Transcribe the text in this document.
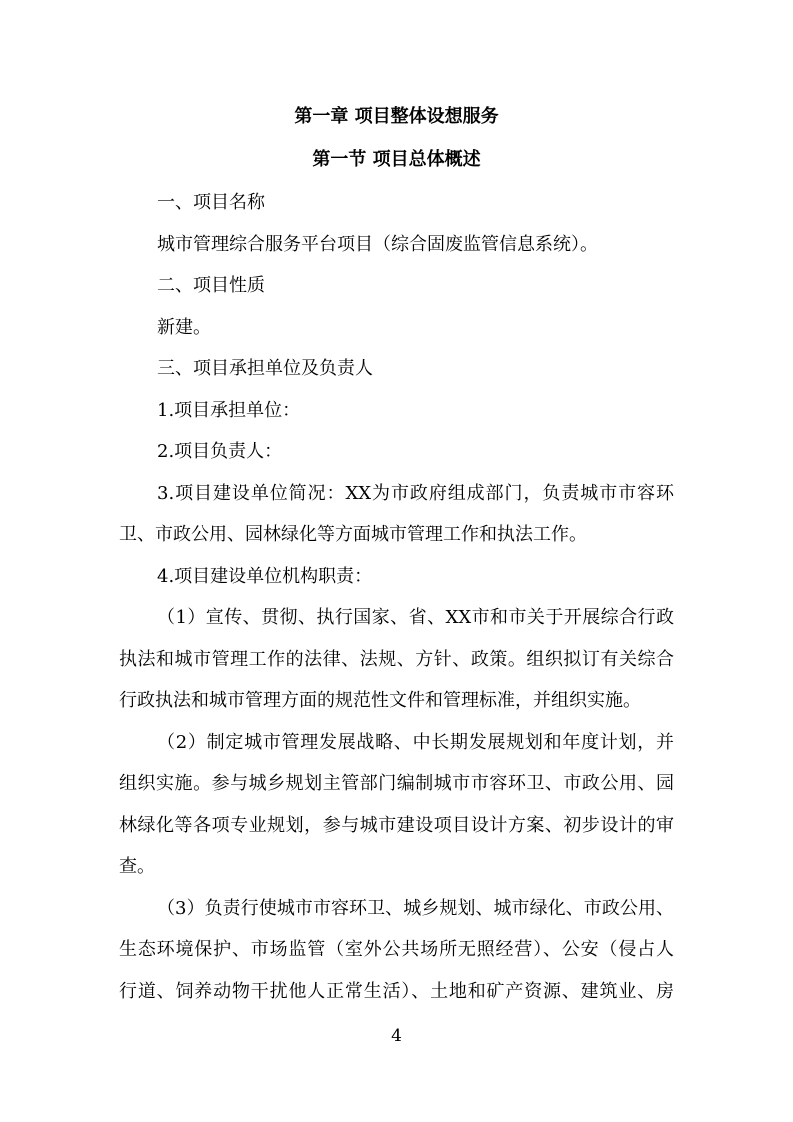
第一章 项目整体设想服务
第一节 项目总体概述
一、项目名称
城市管理综合服务平台项目（综合固废监管信息系统）。
二、项目性质
新建。
三、项目承担单位及负责人
1.项目承担单位：
2.项目负责人：
3.项目建设单位简况：XX为市政府组成部门，负责城市市容环
卫、市政公用、园林绿化等方面城市管理工作和执法工作。
4.项目建设单位机构职责：
（1）宣传、贯彻、执行国家、省、XX市和市关于开展综合行政
执法和城市管理工作的法律、法规、方针、政策。组织拟订有关综合
行政执法和城市管理方面的规范性文件和管理标准，并组织实施。
（2）制定城市管理发展战略、中长期发展规划和年度计划，并
组织实施。参与城乡规划主管部门编制城市市容环卫、市政公用、园
林绿化等各项专业规划，参与城市建设项目设计方案、初步设计的审
查。
（3）负责行使城市市容环卫、城乡规划、城市绿化、市政公用、
生态环境保护、市场监管（室外公共场所无照经营）、公安（侵占人
行道、饲养动物干扰他人正常生活）、土地和矿产资源、建筑业、房
4
